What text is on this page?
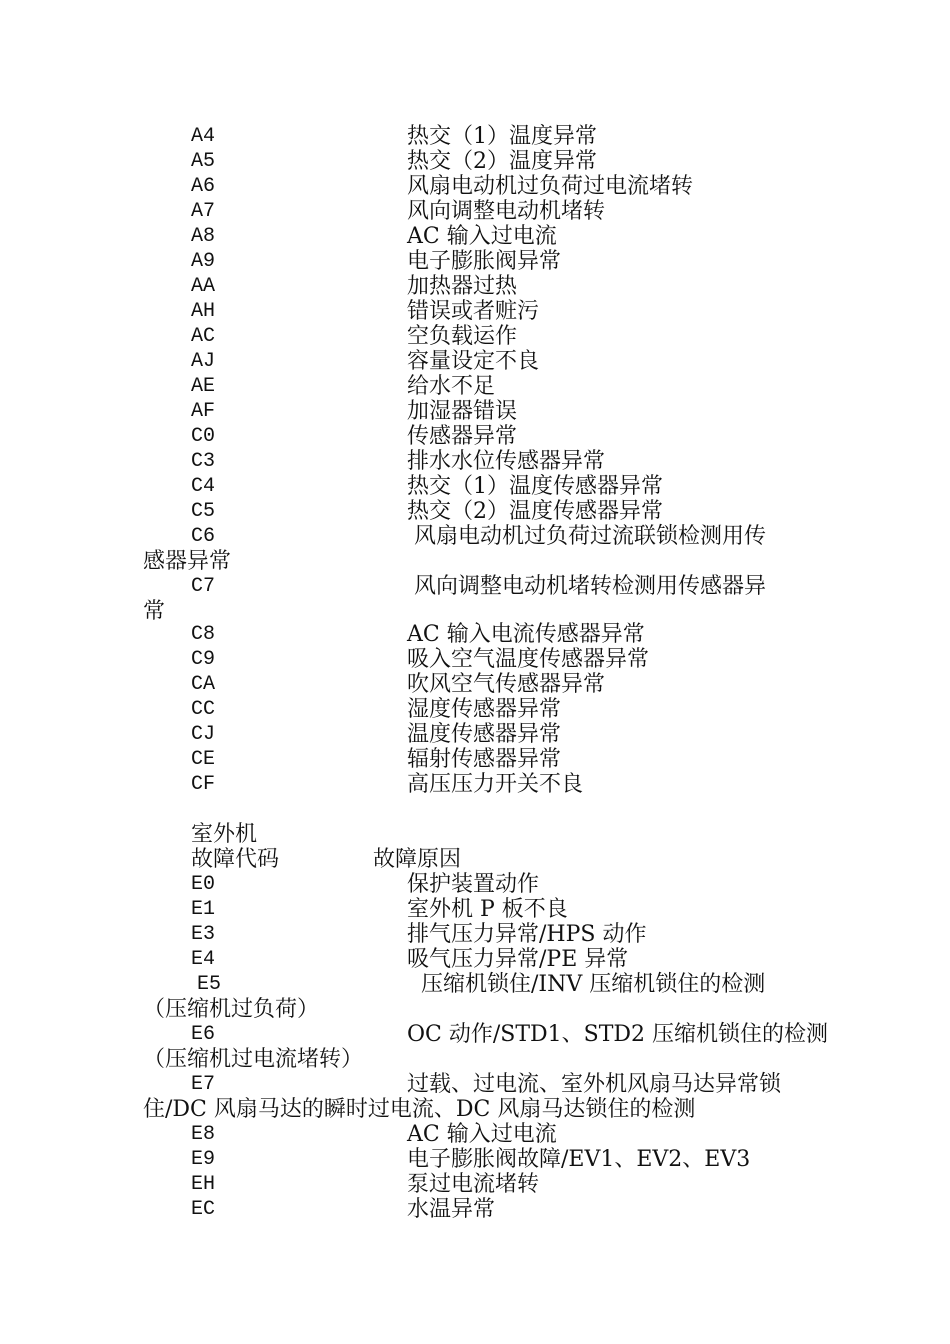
A4	热交（1）温度异常
A5	热交（2）温度异常
A6	风扇电动机过负荷过电流堵转
A7	风向调整电动机堵转
A8	AC 输入过电流
A9	电子膨胀阀异常
AA	加热器过热
AH	错误或者赃污
AC	空负载运作
AJ	容量设定不良
AE	给水不足
AF	加湿器错误
C0	传感器异常
C3	排水水位传感器异常
C4	热交（1）温度传感器异常
C5	热交（2）温度传感器异常
C6	风扇电动机过负荷过流联锁检测用传
感器异常
C7	风向调整电动机堵转检测用传感器异
常
C8	AC 输入电流传感器异常
C9	吸入空气温度传感器异常
CA	吹风空气传感器异常
CC	湿度传感器异常
CJ	温度传感器异常
CE	辐射传感器异常
CF	高压压力开关不良
室外机
故障代码	故障原因
E0	保护装置动作
E1	室外机 P 板不良
E3	排气压力异常/HPS 动作
E4	吸气压力异常/PE 异常
E5	压缩机锁住/INV 压缩机锁住的检测
（压缩机过负荷）
E6	OC 动作/STD1、STD2 压缩机锁住的检测
（压缩机过电流堵转）
E7	过载、过电流、室外机风扇马达异常锁
住/DC 风扇马达的瞬时过电流、DC 风扇马达锁住的检测
E8	AC 输入过电流
E9	电子膨胀阀故障/EV1、EV2、EV3
EH	泵过电流堵转
EC	水温异常
